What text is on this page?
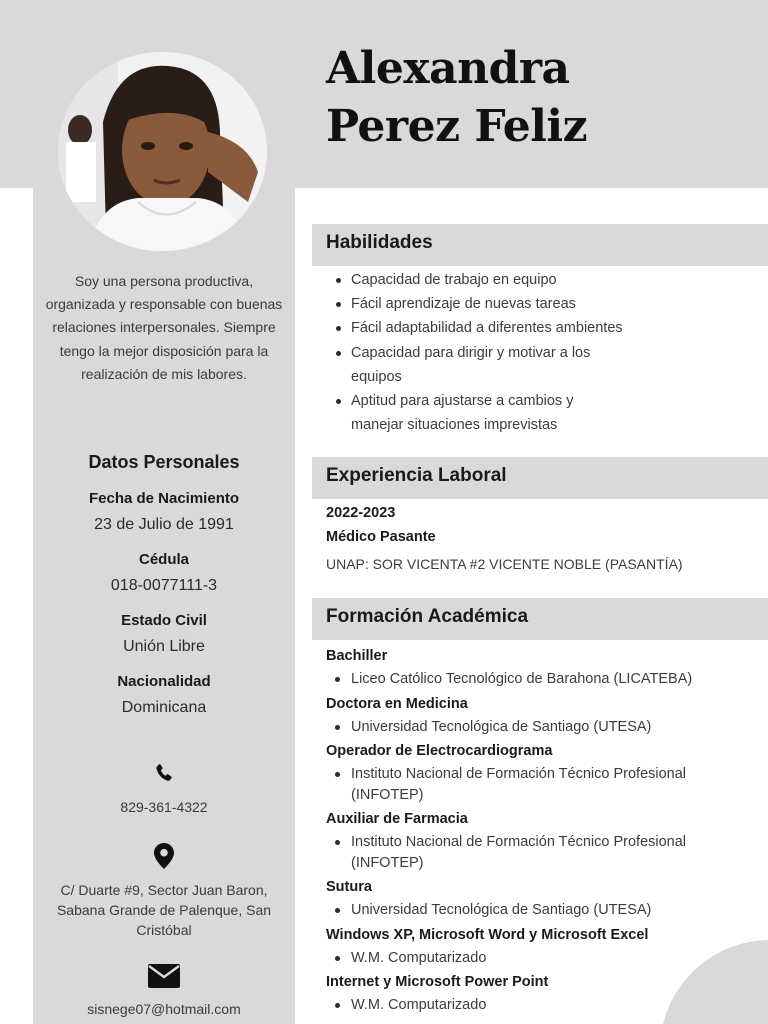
Alexandra
Perez Feliz
Soy una persona productiva, organizada y responsable con buenas relaciones interpersonales. Siempre tengo la mejor disposición para la realización de mis labores.
Datos Personales
Fecha de Nacimiento
23 de Julio de 1991
Cédula
018-0077111-3
Estado Civil
Unión Libre
Nacionalidad
Dominicana
829-361-4322
C/ Duarte #9, Sector Juan Baron, Sabana Grande de Palenque, San Cristóbal
sisnege07@hotmail.com
Habilidades
Capacidad de trabajo en equipo
Fácil aprendizaje de nuevas tareas
Fácil adaptabilidad a diferentes ambientes
Capacidad para dirigir y motivar a los equipos
Aptitud para ajustarse a cambios y manejar situaciones imprevistas
Experiencia Laboral
2022-2023
Médico Pasante
UNAP: SOR VICENTA #2 VICENTE NOBLE (PASANTÍA)
Formación Académica
Bachiller
Liceo Católico Tecnológico de Barahona (LICATEBA)
Doctora en Medicina
Universidad Tecnológica de Santiago (UTESA)
Operador de Electrocardiograma
Instituto Nacional de Formación Técnico Profesional (INFOTEP)
Auxiliar de Farmacia
Instituto Nacional de Formación Técnico Profesional (INFOTEP)
Sutura
Universidad Tecnológica de Santiago (UTESA)
Windows XP, Microsoft Word y Microsoft Excel
W.M. Computarizado
Internet y Microsoft Power Point
W.M. Computarizado
